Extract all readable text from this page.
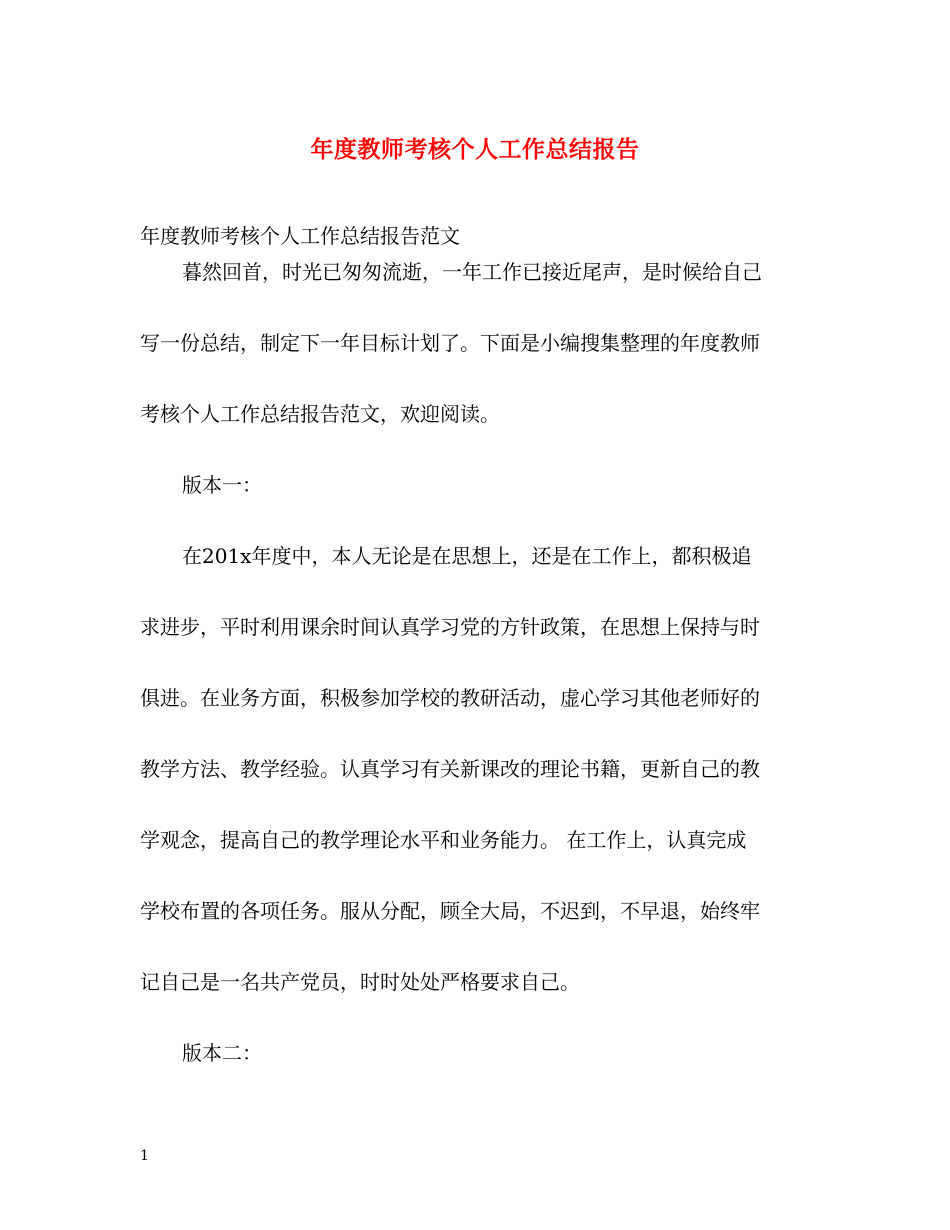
年度教师考核个人工作总结报告
年度教师考核个人工作总结报告范文
暮然回首，时光已匆匆流逝，一年工作已接近尾声，是时候给自己
写一份总结，制定下一年目标计划了。下面是小编搜集整理的年度教师
考核个人工作总结报告范文，欢迎阅读。
版本一：
在201x年度中，本人无论是在思想上，还是在工作上，都积极追
求进步，平时利用课余时间认真学习党的方针政策，在思想上保持与时
俱进。在业务方面，积极参加学校的教研活动，虚心学习其他老师好的
教学方法、教学经验。认真学习有关新课改的理论书籍，更新自己的教
学观念，提高自己的教学理论水平和业务能力。 在工作上，认真完成
学校布置的各项任务。服从分配，顾全大局，不迟到，不早退，始终牢
记自己是一名共产党员，时时处处严格要求自己。
版本二：
1
